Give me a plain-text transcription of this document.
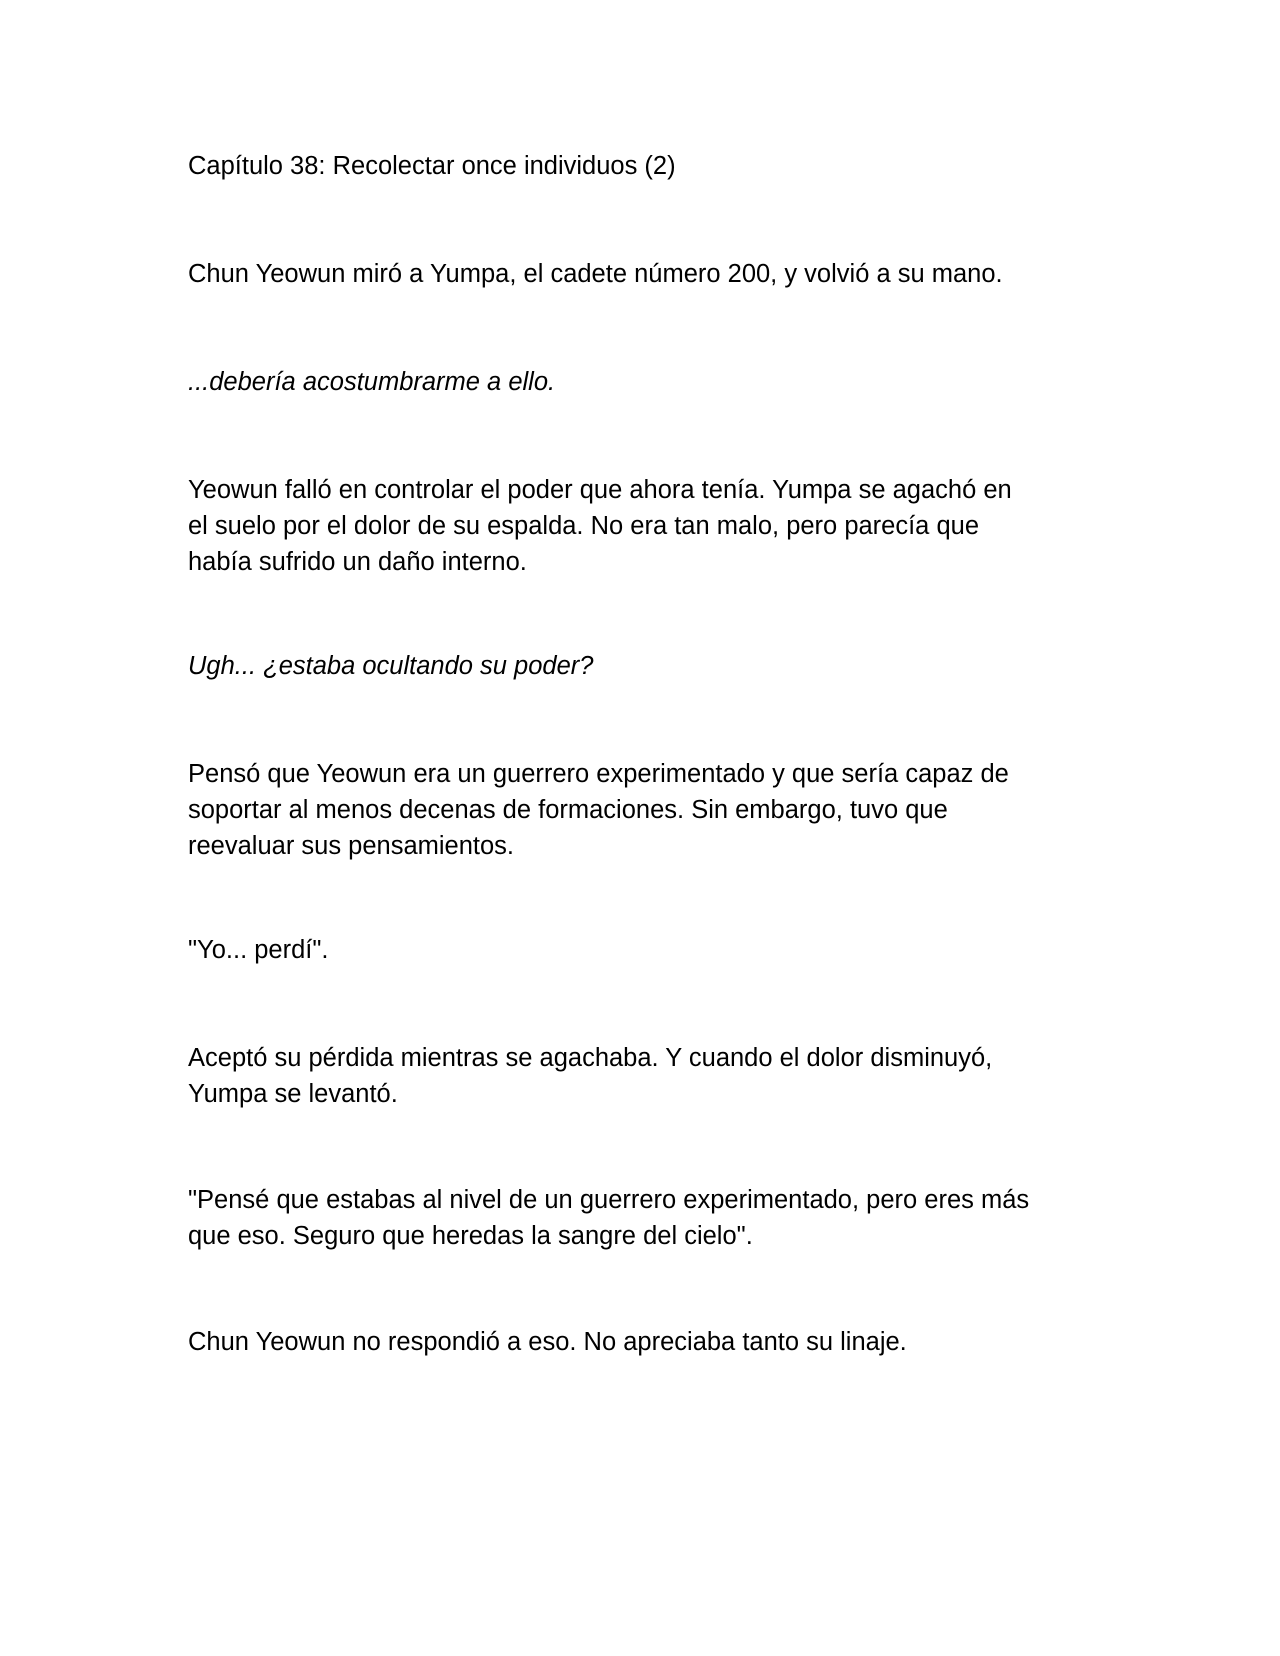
Capítulo 38: Recolectar once individuos (2)

Chun Yeowun miró a Yumpa, el cadete número 200, y volvió a su mano.

...debería acostumbrarme a ello.

Yeowun falló en controlar el poder que ahora tenía. Yumpa se agachó en
el suelo por el dolor de su espalda. No era tan malo, pero parecía que
había sufrido un daño interno.

Ugh... ¿estaba ocultando su poder?

Pensó que Yeowun era un guerrero experimentado y que sería capaz de
soportar al menos decenas de formaciones. Sin embargo, tuvo que
reevaluar sus pensamientos.

"Yo... perdí".

Aceptó su pérdida mientras se agachaba. Y cuando el dolor disminuyó,
Yumpa se levantó.

"Pensé que estabas al nivel de un guerrero experimentado, pero eres más
que eso. Seguro que heredas la sangre del cielo".

Chun Yeowun no respondió a eso. No apreciaba tanto su linaje.
